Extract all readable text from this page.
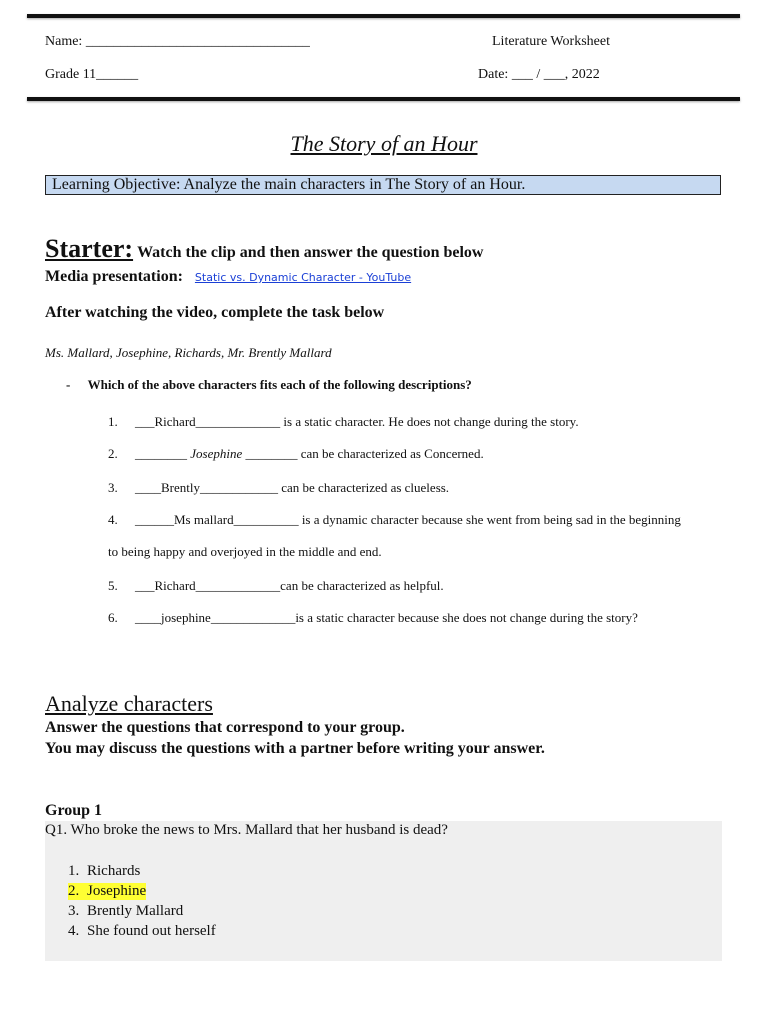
Name: ________________________________	Literature Worksheet
Grade 11______	Date: ___ / ___, 2022
The Story of an Hour
Learning Objective: Analyze the main characters in The Story of an Hour.
Starter: Watch the clip and then answer the question below
Media presentation: Static vs. Dynamic Character - YouTube
After watching the video, complete the task below
Ms. Mallard, Josephine, Richards, Mr. Brently Mallard
- Which of the above characters fits each of the following descriptions?
1. ___Richard_____________ is a static character. He does not change during the story.
2. ________ Josephine ________ can be characterized as Concerned.
3. ____Brently____________ can be characterized as clueless.
4. ______Ms mallard__________ is a dynamic character because she went from being sad in the beginning
to being happy and overjoyed in the middle and end.
5. ___Richard_____________can be characterized as helpful.
6. ____josephine_____________is a static character because she does not change during the story?
Analyze characters
Answer the questions that correspond to your group.
You may discuss the questions with a partner before writing your answer.
Group 1
Q1. Who broke the news to Mrs. Mallard that her husband is dead?
1. Richards
2. Josephine
3. Brently Mallard
4. She found out herself
